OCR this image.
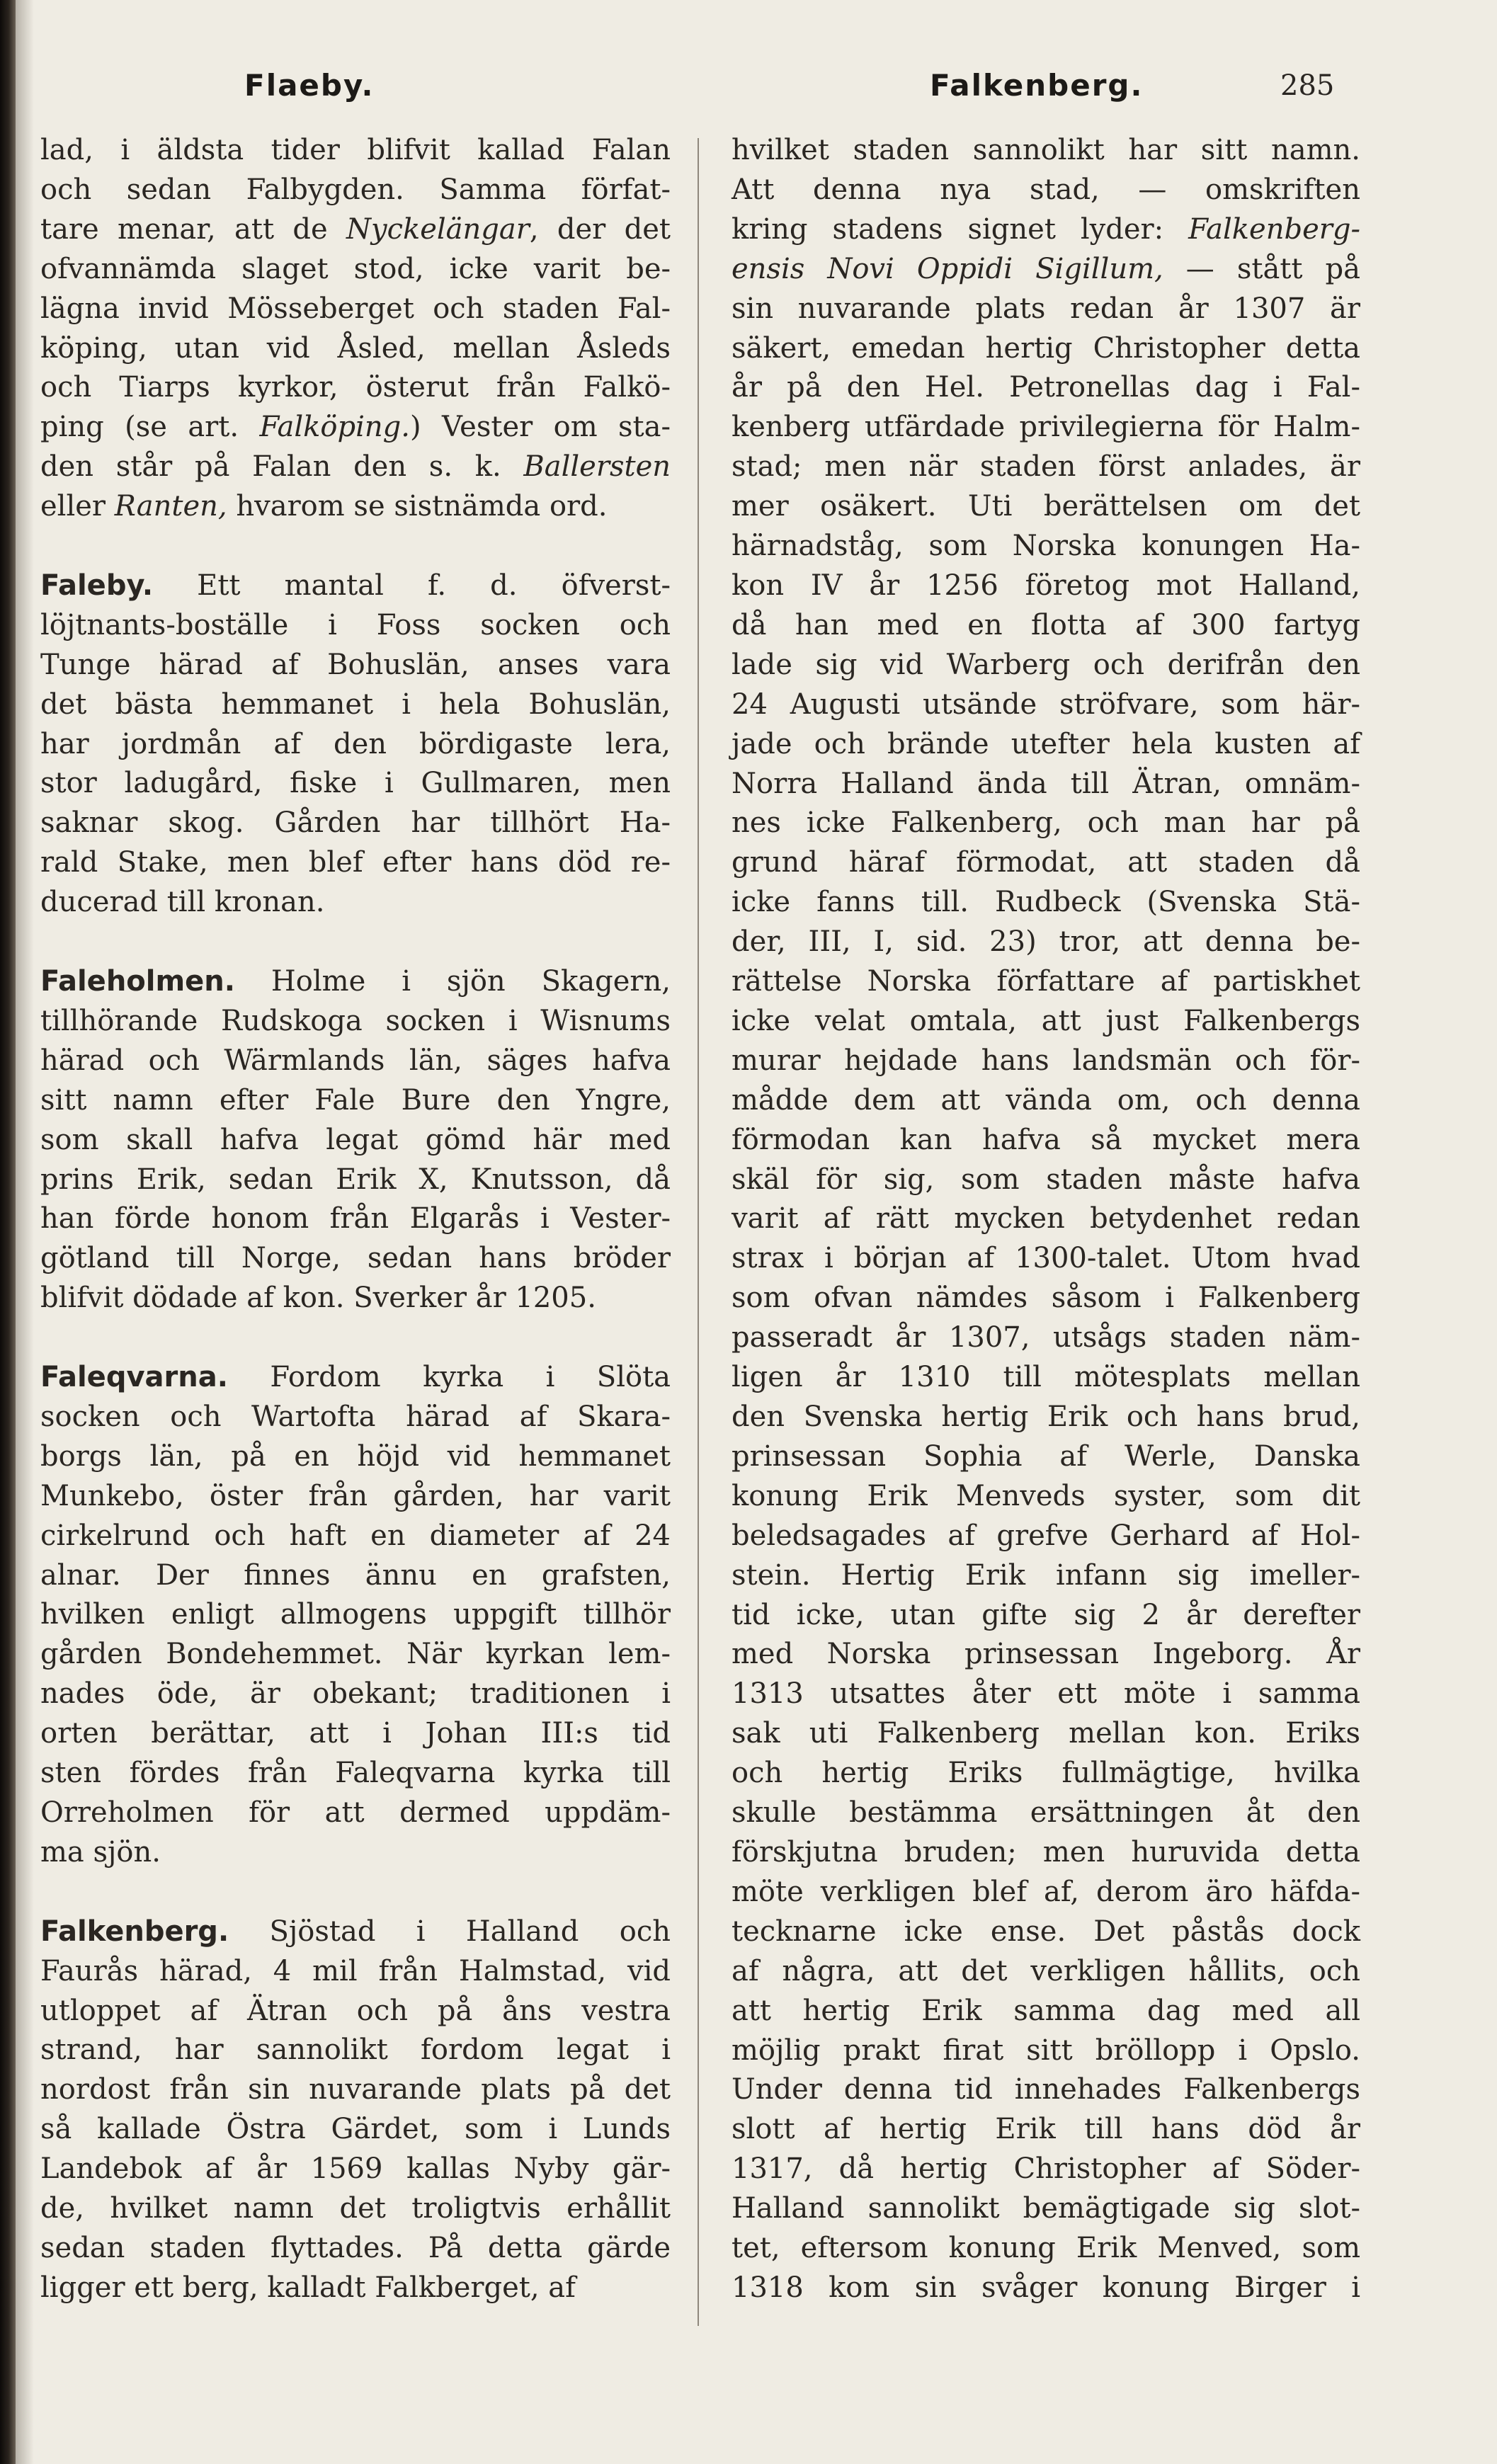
Flaeby.	Falkenberg.	285
lad, i äldsta tider blifvit kallad Falan
och sedan Falbygden. Samma förfat-
tare menar, att de Nyckelängar, der det
ofvannämda slaget stod, icke varit be-
lägna invid Mösseberget och staden Fal-
köping, utan vid Åsled, mellan Åsleds
och Tiarps kyrkor, österut från Falkö-
ping (se art. Falköping.) Vester om sta-
den står på Falan den s. k. Ballersten
eller Ranten, hvarom se sistnämda ord.
Faleby. Ett mantal f. d. öfverst-
löjtnants-boställe i Foss socken och
Tunge härad af Bohuslän, anses vara
det bästa hemmanet i hela Bohuslän,
har jordmån af den bördigaste lera,
stor ladugård, fiske i Gullmaren, men
saknar skog. Gården har tillhört Ha-
rald Stake, men blef efter hans död re-
ducerad till kronan.
Faleholmen. Holme i sjön Skagern,
tillhörande Rudskoga socken i Wisnums
härad och Wärmlands län, säges hafva
sitt namn efter Fale Bure den Yngre,
som skall hafva legat gömd här med
prins Erik, sedan Erik X, Knutsson, då
han förde honom från Elgarås i Vester-
götland till Norge, sedan hans bröder
blifvit dödade af kon. Sverker år 1205.
Faleqvarna. Fordom kyrka i Slöta
socken och Wartofta härad af Skara-
borgs län, på en höjd vid hemmanet
Munkebo, öster från gården, har varit
cirkelrund och haft en diameter af 24
alnar. Der finnes ännu en grafsten,
hvilken enligt allmogens uppgift tillhör
gården Bondehemmet. När kyrkan lem-
nades öde, är obekant; traditionen i
orten berättar, att i Johan III:s tid
sten fördes från Faleqvarna kyrka till
Orreholmen för att dermed uppdäm-
ma sjön.
Falkenberg. Sjöstad i Halland och
Faurås härad, 4 mil från Halmstad, vid
utloppet af Ätran och på åns vestra
strand, har sannolikt fordom legat i
nordost från sin nuvarande plats på det
så kallade Östra Gärdet, som i Lunds
Landebok af år 1569 kallas Nyby gär-
de, hvilket namn det troligtvis erhållit
sedan staden flyttades. På detta gärde
ligger ett berg, kalladt Falkberget, af
hvilket staden sannolikt har sitt namn.
Att denna nya stad, — omskriften
kring stadens signet lyder: Falkenberg-
ensis Novi Oppidi Sigillum, — stått på
sin nuvarande plats redan år 1307 är
säkert, emedan hertig Christopher detta
år på den Hel. Petronellas dag i Fal-
kenberg utfärdade privilegierna för Halm-
stad; men när staden först anlades, är
mer osäkert. Uti berättelsen om det
härnadståg, som Norska konungen Ha-
kon IV år 1256 företog mot Halland,
då han med en flotta af 300 fartyg
lade sig vid Warberg och derifrån den
24 Augusti utsände ströfvare, som här-
jade och brände utefter hela kusten af
Norra Halland ända till Ätran, omnäm-
nes icke Falkenberg, och man har på
grund häraf förmodat, att staden då
icke fanns till. Rudbeck (Svenska Stä-
der, III, I, sid. 23) tror, att denna be-
rättelse Norska författare af partiskhet
icke velat omtala, att just Falkenbergs
murar hejdade hans landsmän och för-
mådde dem att vända om, och denna
förmodan kan hafva så mycket mera
skäl för sig, som staden måste hafva
varit af rätt mycken betydenhet redan
strax i början af 1300-talet. Utom hvad
som ofvan nämdes såsom i Falkenberg
passeradt år 1307, utsågs staden näm-
ligen år 1310 till mötesplats mellan
den Svenska hertig Erik och hans brud,
prinsessan Sophia af Werle, Danska
konung Erik Menveds syster, som dit
beledsagades af grefve Gerhard af Hol-
stein. Hertig Erik infann sig imeller-
tid icke, utan gifte sig 2 år derefter
med Norska prinsessan Ingeborg. År
1313 utsattes åter ett möte i samma
sak uti Falkenberg mellan kon. Eriks
och hertig Eriks fullmägtige, hvilka
skulle bestämma ersättningen åt den
förskjutna bruden; men huruvida detta
möte verkligen blef af, derom äro häfda-
tecknarne icke ense. Det påstås dock
af några, att det verkligen hållits, och
att hertig Erik samma dag med all
möjlig prakt firat sitt bröllopp i Opslo.
Under denna tid innehades Falkenbergs
slott af hertig Erik till hans död år
1317, då hertig Christopher af Söder-
Halland sannolikt bemägtigade sig slot-
tet, eftersom konung Erik Menved, som
1318 kom sin svåger konung Birger i
